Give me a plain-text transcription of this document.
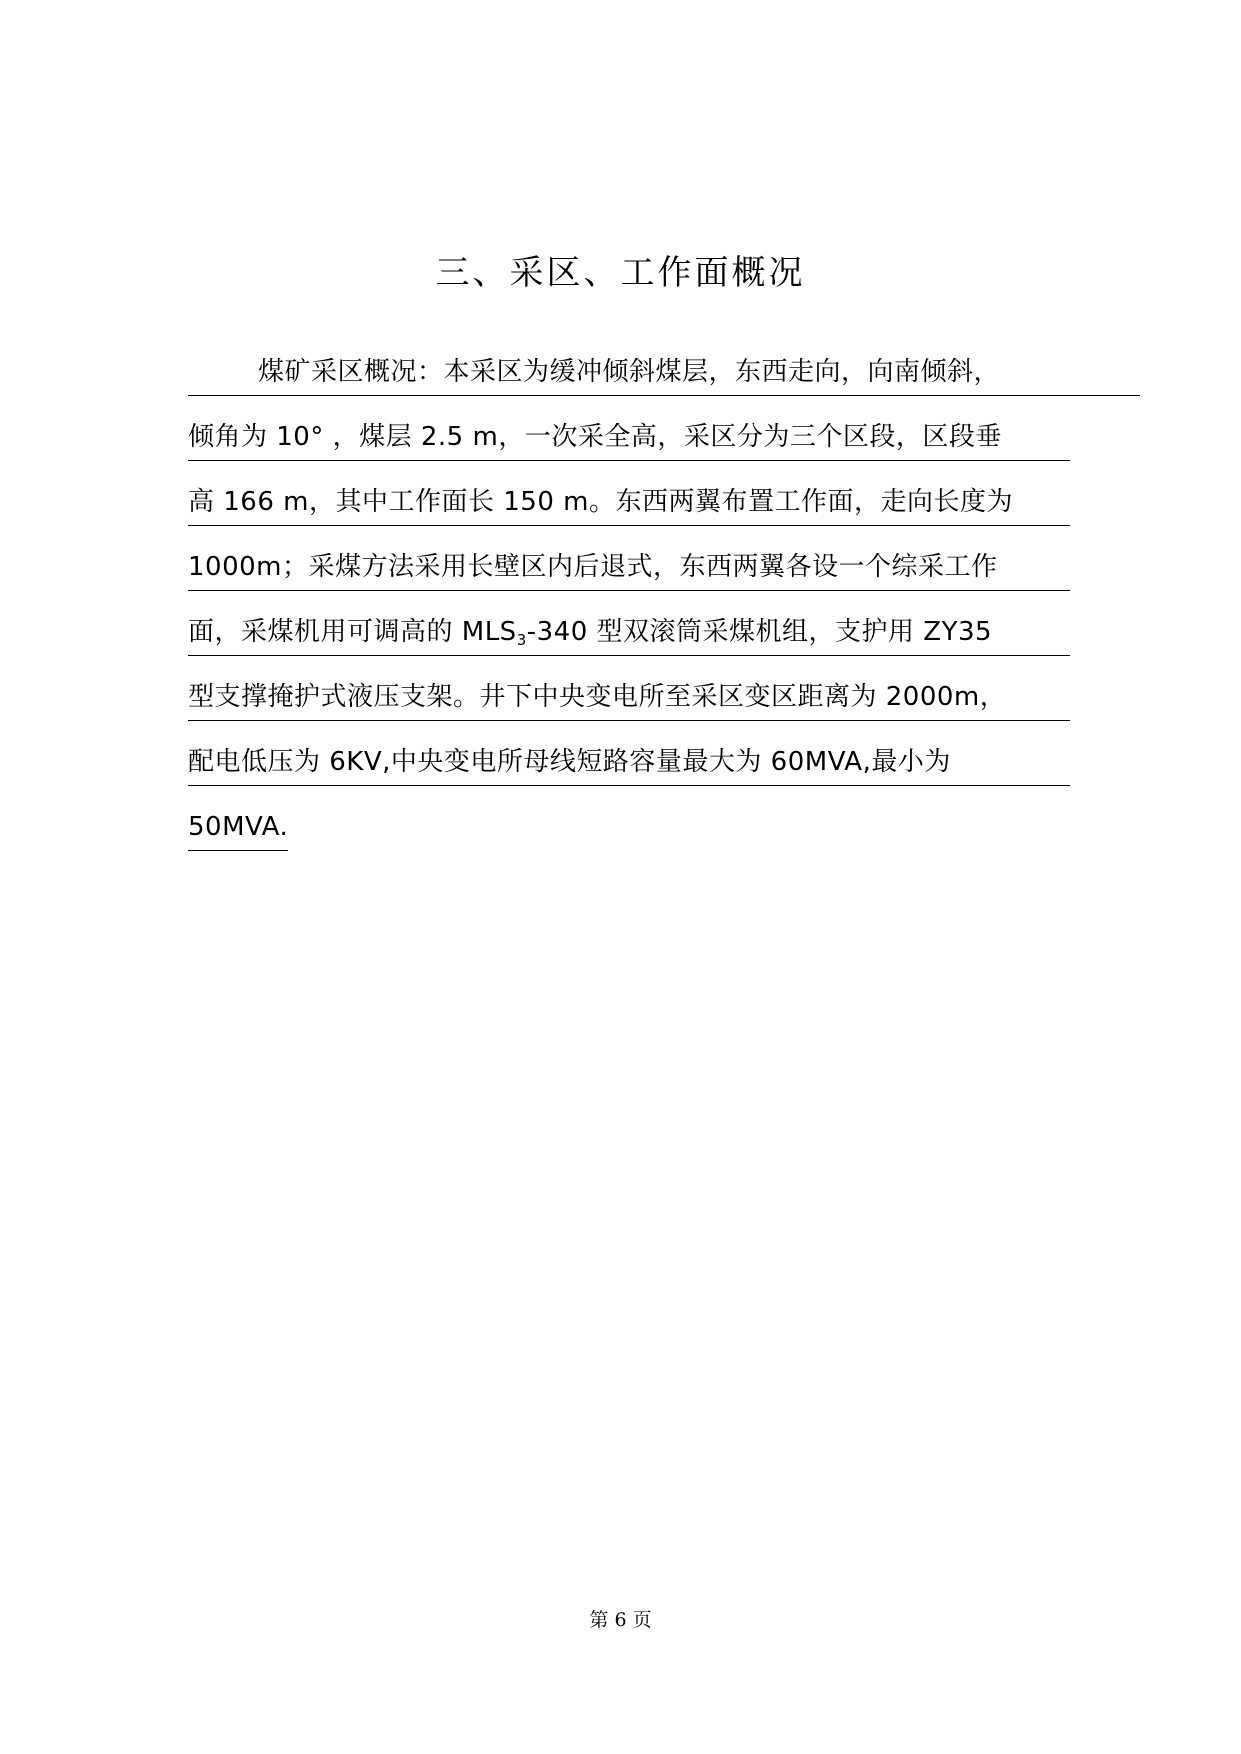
三、采区、工作面概况
煤矿采区概况：本采区为缓冲倾斜煤层，东西走向，向南倾斜，
倾角为 10° ，煤层 2.5 m，一次采全高，采区分为三个区段，区段垂
高 166 m，其中工作面长 150 m。东西两翼布置工作面，走向长度为
1000m；采煤方法采用长壁区内后退式，东西两翼各设一个综采工作
面，采煤机用可调高的 $MLS_3-340$ 型双滚筒采煤机组，支护用 ZY35
型支撑掩护式液压支架。井下中央变电所至采区变区距离为 2000m，
配电低压为 6KV,中央变电所母线短路容量最大为 60MVA,最小为
50MVA.
第 6 页
